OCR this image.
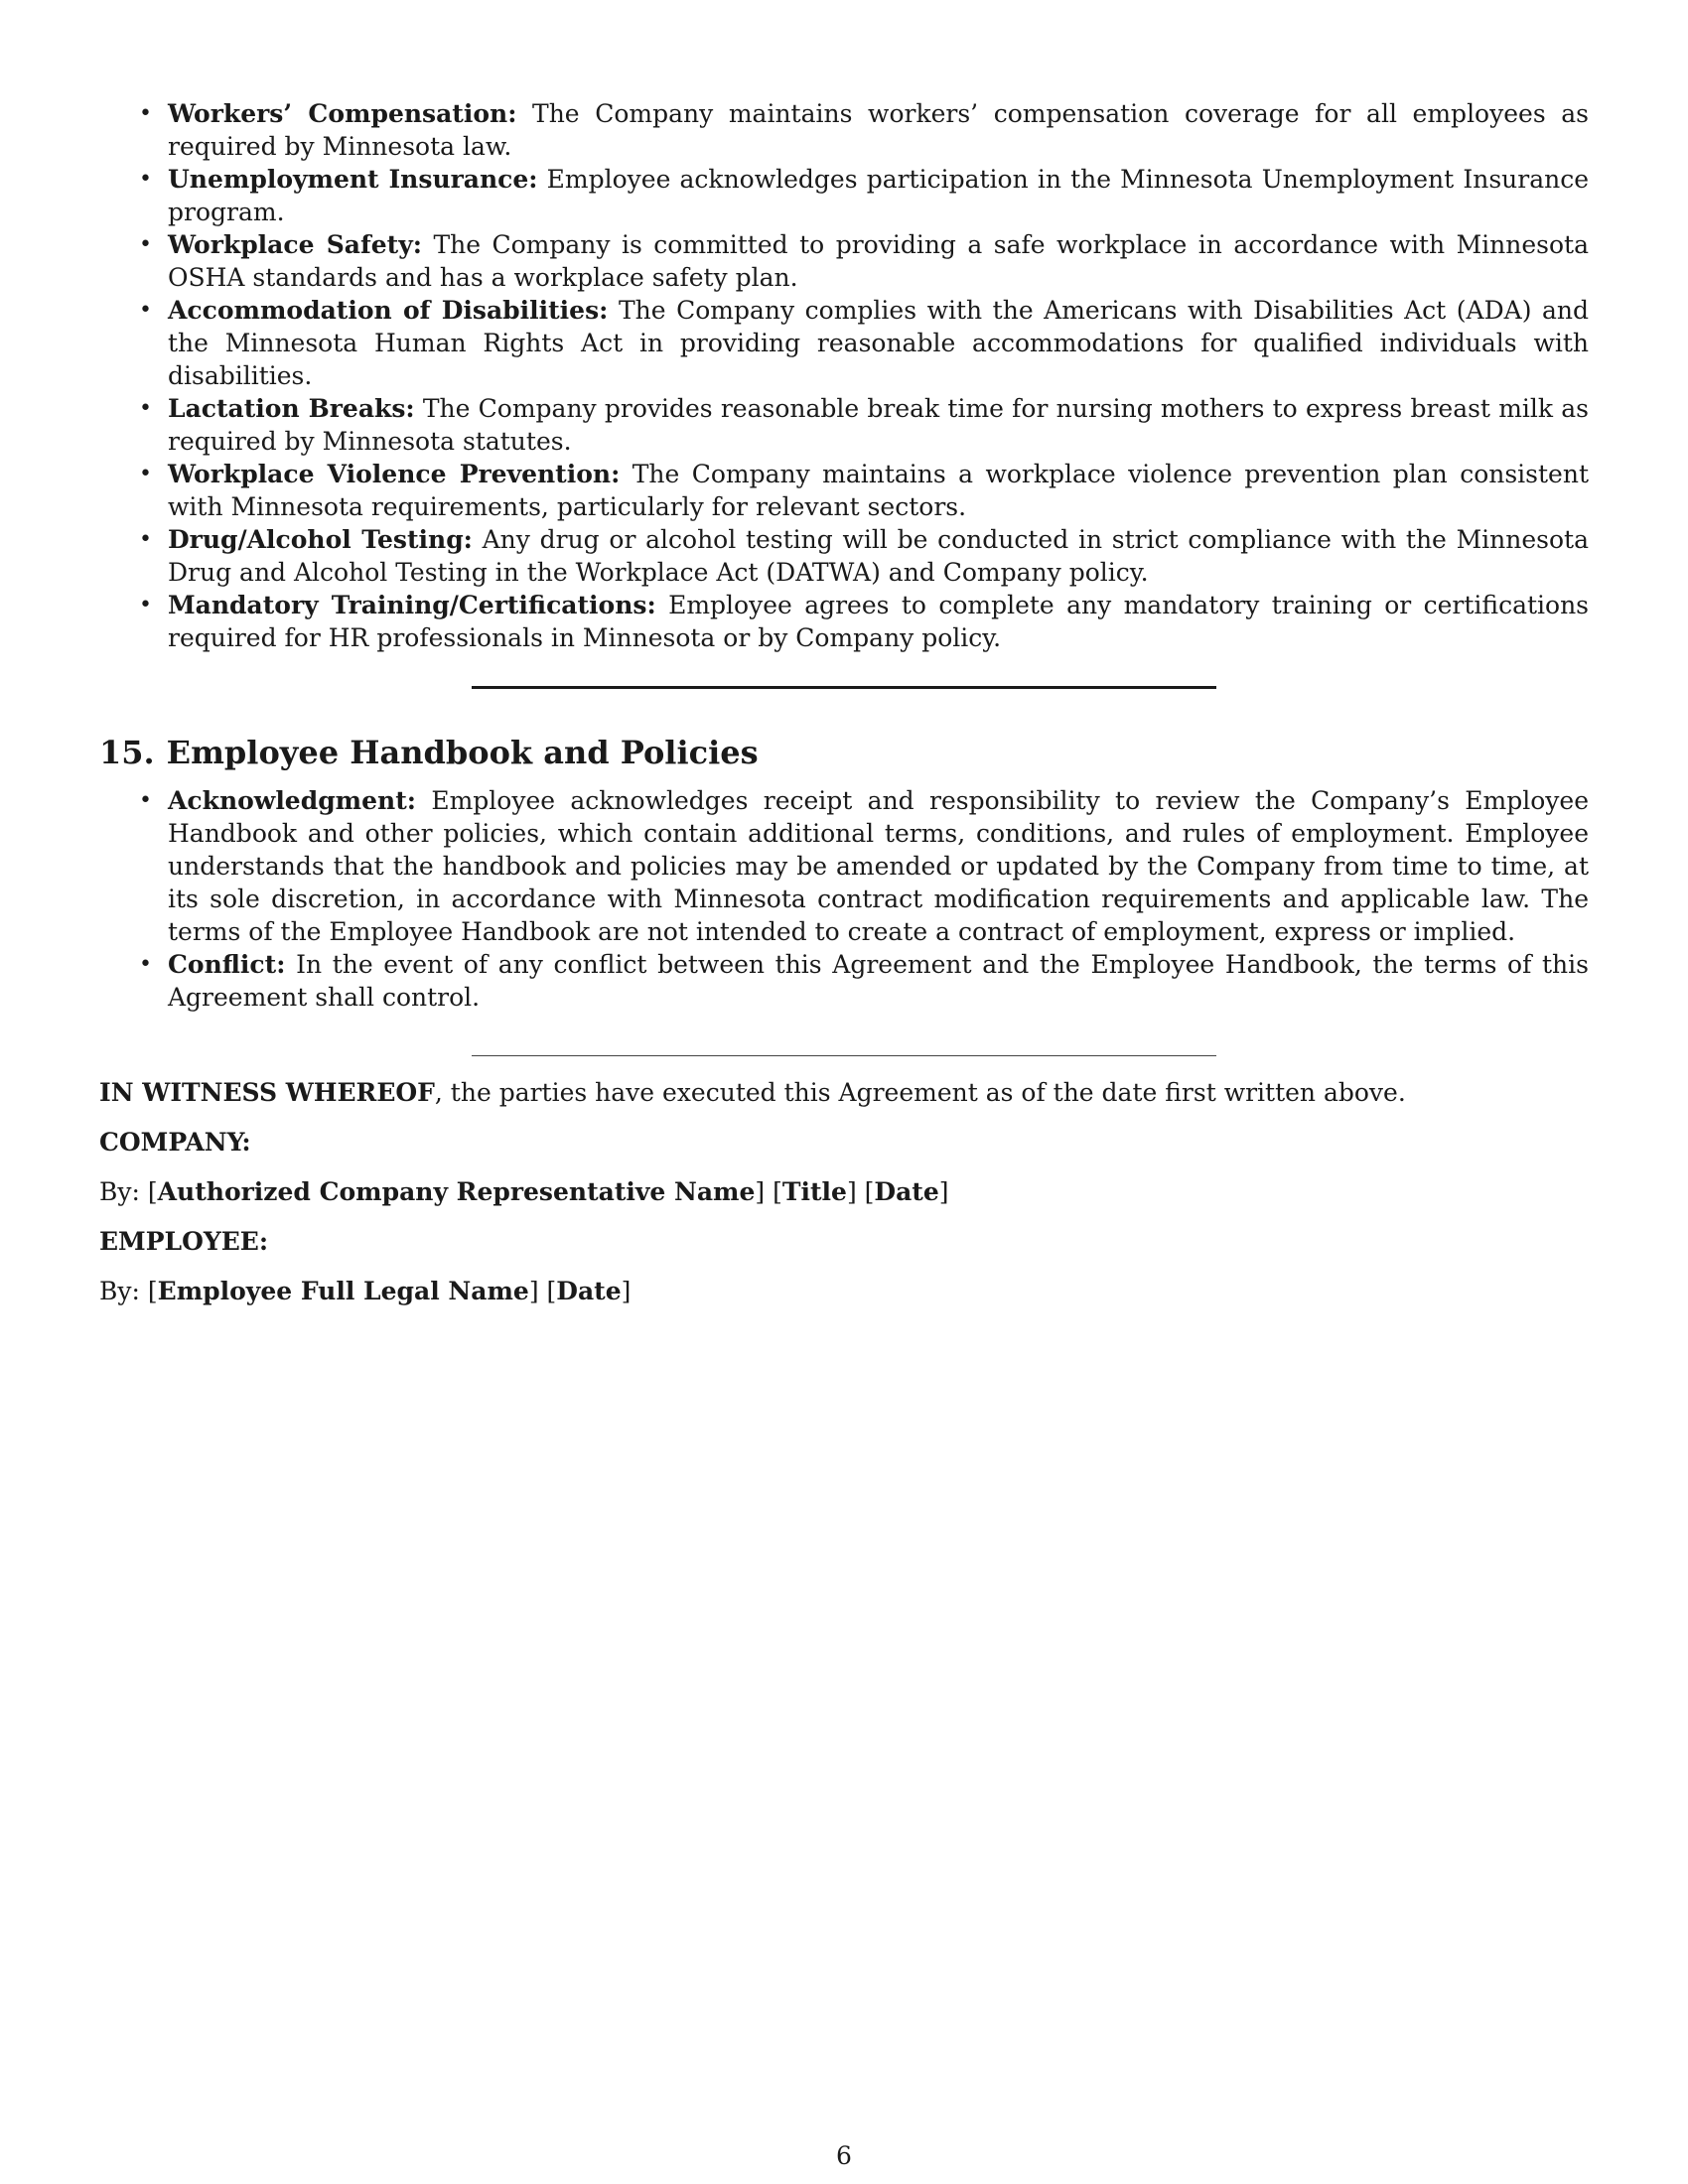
• Workers’ Compensation: The Company maintains workers’ compensation coverage for all employees as required by Minnesota law.
• Unemployment Insurance: Employee acknowledges participation in the Minnesota Unemployment Insurance program.
• Workplace Safety: The Company is committed to providing a safe workplace in accordance with Minnesota OSHA standards and has a workplace safety plan.
• Accommodation of Disabilities: The Company complies with the Americans with Disabilities Act (ADA) and the Minnesota Human Rights Act in providing reasonable accommodations for qualified individuals with disabilities.
• Lactation Breaks: The Company provides reasonable break time for nursing mothers to express breast milk as required by Minnesota statutes.
• Workplace Violence Prevention: The Company maintains a workplace violence prevention plan consistent with Minnesota requirements, particularly for relevant sectors.
• Drug/Alcohol Testing: Any drug or alcohol testing will be conducted in strict compliance with the Minnesota Drug and Alcohol Testing in the Workplace Act (DATWA) and Company policy.
• Mandatory Training/Certifications: Employee agrees to complete any mandatory training or certifications required for HR professionals in Minnesota or by Company policy.
15. Employee Handbook and Policies
• Acknowledgment: Employee acknowledges receipt and responsibility to review the Company’s Employee Handbook and other policies, which contain additional terms, conditions, and rules of employment. Employee understands that the handbook and policies may be amended or updated by the Company from time to time, at its sole discretion, in accordance with Minnesota contract modification requirements and applicable law. The terms of the Employee Handbook are not intended to create a contract of employment, express or implied.
• Conflict: In the event of any conflict between this Agreement and the Employee Handbook, the terms of this Agreement shall control.

IN WITNESS WHEREOF, the parties have executed this Agreement as of the date first written above.

COMPANY:

By: [Authorized Company Representative Name] [Title] [Date]

EMPLOYEE:

By: [Employee Full Legal Name] [Date]

6
